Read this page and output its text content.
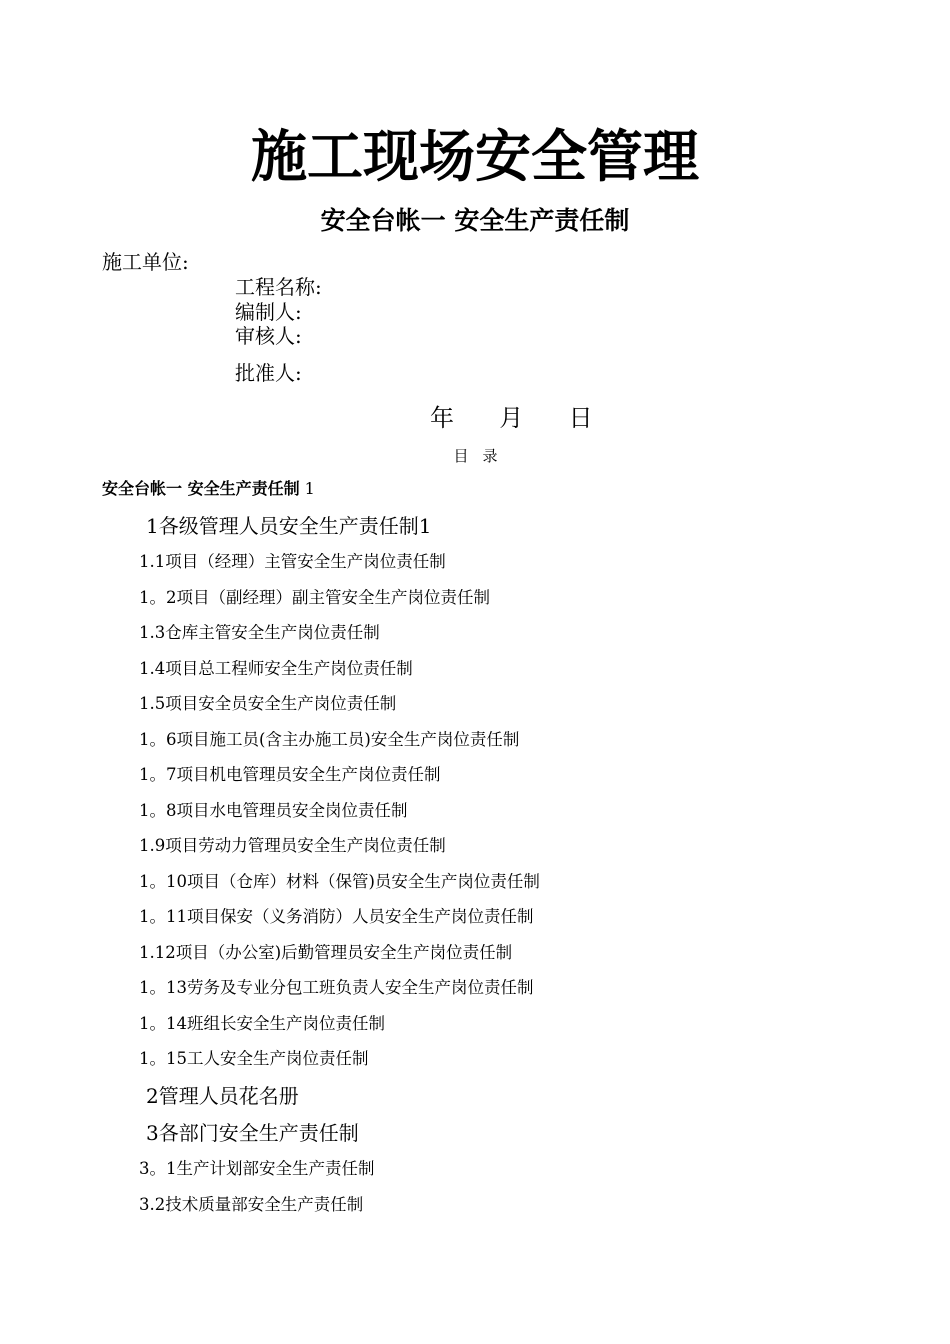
施工现场安全管理
安全台帐一 安全生产责任制
施工单位:
工程名称:
编制人:
审核人:
批准人:
年 月 日
目录
安全台帐一 安全生产责任制 1
1各级管理人员安全生产责任制1
1.1项目（经理）主管安全生产岗位责任制
1。2项目（副经理）副主管安全生产岗位责任制
1.3仓库主管安全生产岗位责任制
1.4项目总工程师安全生产岗位责任制
1.5项目安全员安全生产岗位责任制
1。6项目施工员(含主办施工员)安全生产岗位责任制
1。7项目机电管理员安全生产岗位责任制
1。8项目水电管理员安全岗位责任制
1.9项目劳动力管理员安全生产岗位责任制
1。10项目（仓库）材料（保管)员安全生产岗位责任制
1。11项目保安（义务消防）人员安全生产岗位责任制
1.12项目（办公室)后勤管理员安全生产岗位责任制
1。13劳务及专业分包工班负责人安全生产岗位责任制
1。14班组长安全生产岗位责任制
1。15工人安全生产岗位责任制
2管理人员花名册
3各部门安全生产责任制
3。1生产计划部安全生产责任制
3.2技术质量部安全生产责任制
